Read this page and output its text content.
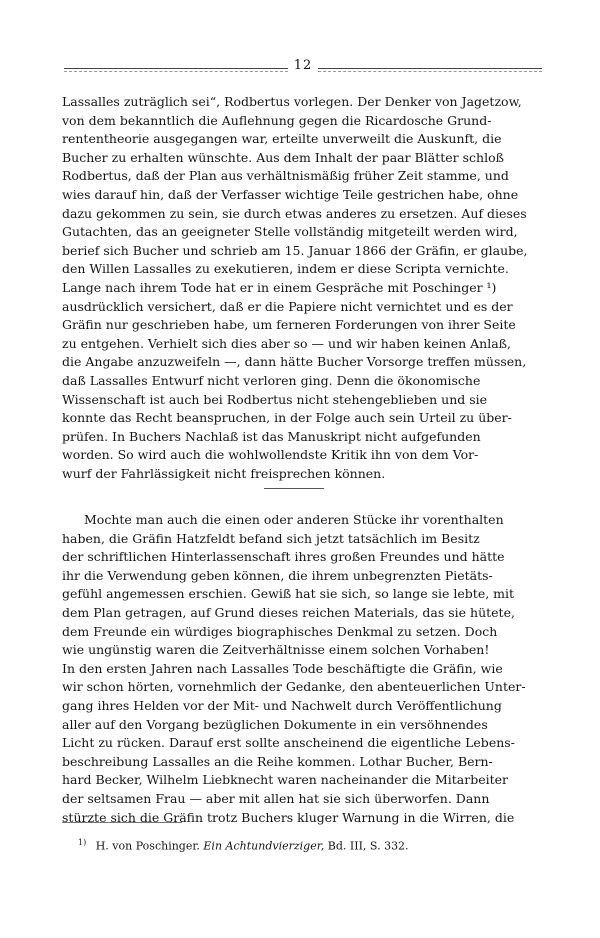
12
Lassalles zuträglich sei“, Rodbertus vorlegen. Der Denker von Jagetzow,
von dem bekanntlich die Auflehnung gegen die Ricardosche Grund-
rententheorie ausgegangen war, erteilte unverweilt die Auskunft, die
Bucher zu erhalten wünschte. Aus dem Inhalt der paar Blätter schloß
Rodbertus, daß der Plan aus verhältnismäßig früher Zeit stamme, und
wies darauf hin, daß der Verfasser wichtige Teile gestrichen habe, ohne
dazu gekommen zu sein, sie durch etwas anderes zu ersetzen. Auf dieses
Gutachten, das an geeigneter Stelle vollständig mitgeteilt werden wird,
berief sich Bucher und schrieb am 15. Januar 1866 der Gräfin, er glaube,
den Willen Lassalles zu exekutieren, indem er diese Scripta vernichte.
Lange nach ihrem Tode hat er in einem Gespräche mit Poschinger ¹)
ausdrücklich versichert, daß er die Papiere nicht vernichtet und es der
Gräfin nur geschrieben habe, um ferneren Forderungen von ihrer Seite
zu entgehen. Verhielt sich dies aber so — und wir haben keinen Anlaß,
die Angabe anzuzweifeln —, dann hätte Bucher Vorsorge treffen müssen,
daß Lassalles Entwurf nicht verloren ging. Denn die ökonomische
Wissenschaft ist auch bei Rodbertus nicht stehengeblieben und sie
konnte das Recht beanspruchen, in der Folge auch sein Urteil zu über-
prüfen. In Buchers Nachlaß ist das Manuskript nicht aufgefunden
worden. So wird auch die wohlwollendste Kritik ihn von dem Vor-
wurf der Fahrlässigkeit nicht freisprechen können.
Mochte man auch die einen oder anderen Stücke ihr vorenthalten
haben, die Gräfin Hatzfeldt befand sich jetzt tatsächlich im Besitz
der schriftlichen Hinterlassenschaft ihres großen Freundes und hätte
ihr die Verwendung geben können, die ihrem unbegrenzten Pietäts-
gefühl angemessen erschien. Gewiß hat sie sich, so lange sie lebte, mit
dem Plan getragen, auf Grund dieses reichen Materials, das sie hütete,
dem Freunde ein würdiges biographisches Denkmal zu setzen. Doch
wie ungünstig waren die Zeitverhältnisse einem solchen Vorhaben!
In den ersten Jahren nach Lassalles Tode beschäftigte die Gräfin, wie
wir schon hörten, vornehmlich der Gedanke, den abenteuerlichen Unter-
gang ihres Helden vor der Mit- und Nachwelt durch Veröffentlichung
aller auf den Vorgang bezüglichen Dokumente in ein versöhnendes
Licht zu rücken. Darauf erst sollte anscheinend die eigentliche Lebens-
beschreibung Lassalles an die Reihe kommen. Lothar Bucher, Bern-
hard Becker, Wilhelm Liebknecht waren nacheinander die Mitarbeiter
der seltsamen Frau — aber mit allen hat sie sich überworfen. Dann
stürzte sich die Gräfin trotz Buchers kluger Warnung in die Wirren, die
$^{1)}$ H. von Poschinger. Ein Achtundvierziger, Bd. III, S. 332.
